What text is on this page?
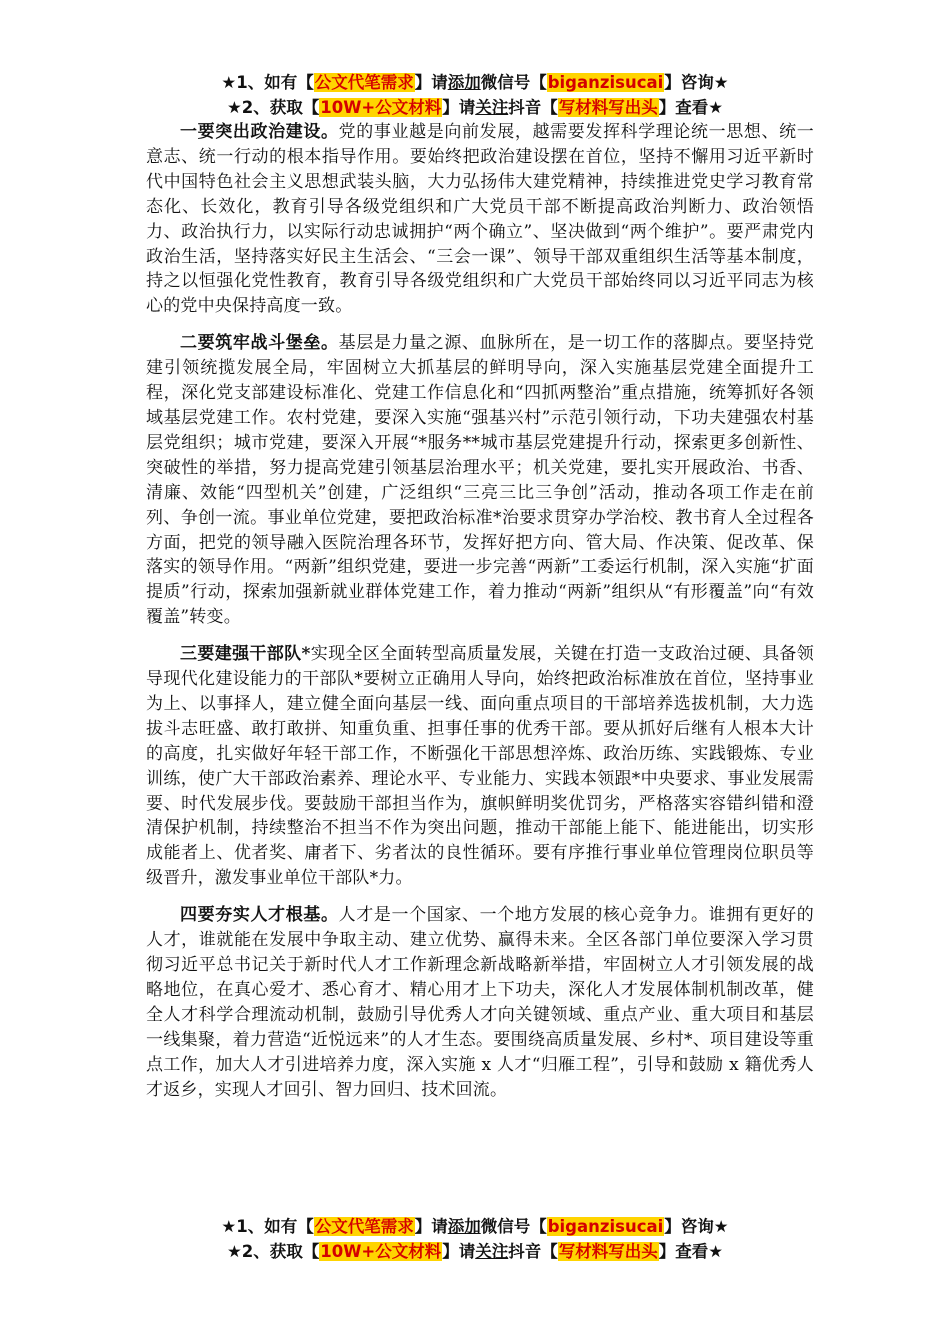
★1、如有【公文代笔需求】请添加微信号【biganzisucai】咨询★
★2、获取【10W+公文材料】请关注抖音【写材料写出头】查看★

一要突出政治建设。党的事业越是向前发展，越需要发挥科学理论统一思想、统一意志、统一行动的根本指导作用。要始终把政治建设摆在首位，坚持不懈用习近平新时代中国特色社会主义思想武装头脑，大力弘扬伟大建党精神，持续推进党史学习教育常态化、长效化，教育引导各级党组织和广大党员干部不断提高政治判断力、政治领悟力、政治执行力，以实际行动忠诚拥护“两个确立”、坚决做到“两个维护”。要严肃党内政治生活，坚持落实好民主生活会、“三会一课”、领导干部双重组织生活等基本制度，持之以恒强化党性教育，教育引导各级党组织和广大党员干部始终同以习近平同志为核心的党中央保持高度一致。

二要筑牢战斗堡垒。基层是力量之源、血脉所在，是一切工作的落脚点。要坚持党建引领统揽发展全局，牢固树立大抓基层的鲜明导向，深入实施基层党建全面提升工程，深化党支部建设标准化、党建工作信息化和“四抓两整治”重点措施，统筹抓好各领域基层党建工作。农村党建，要深入实施“强基兴村”示范引领行动，下功夫建强农村基层党组织；城市党建，要深入开展“*服务**城市基层党建提升行动，探索更多创新性、突破性的举措，努力提高党建引领基层治理水平；机关党建，要扎实开展政治、书香、清廉、效能“四型机关”创建，广泛组织“三亮三比三争创”活动，推动各项工作走在前列、争创一流。事业单位党建，要把政治标准*治要求贯穿办学治校、教书育人全过程各方面，把党的领导融入医院治理各环节，发挥好把方向、管大局、作决策、促改革、保落实的领导作用。“两新”组织党建，要进一步完善“两新”工委运行机制，深入实施“扩面提质”行动，探索加强新就业群体党建工作，着力推动“两新”组织从“有形覆盖”向“有效覆盖”转变。

三要建强干部队*实现全区全面转型高质量发展，关键在打造一支政治过硬、具备领导现代化建设能力的干部队*要树立正确用人导向，始终把政治标准放在首位，坚持事业为上、以事择人，建立健全面向基层一线、面向重点项目的干部培养选拔机制，大力选拔斗志旺盛、敢打敢拼、知重负重、担事任事的优秀干部。要从抓好后继有人根本大计的高度，扎实做好年轻干部工作，不断强化干部思想淬炼、政治历练、实践锻炼、专业训练，使广大干部政治素养、理论水平、专业能力、实践本领跟*中央要求、事业发展需要、时代发展步伐。要鼓励干部担当作为，旗帜鲜明奖优罚劣，严格落实容错纠错和澄清保护机制，持续整治不担当不作为突出问题，推动干部能上能下、能进能出，切实形成能者上、优者奖、庸者下、劣者汰的良性循环。要有序推行事业单位管理岗位职员等级晋升，激发事业单位干部队*力。

四要夯实人才根基。人才是一个国家、一个地方发展的核心竞争力。谁拥有更好的人才，谁就能在发展中争取主动、建立优势、赢得未来。全区各部门单位要深入学习贯彻习近平总书记关于新时代人才工作新理念新战略新举措，牢固树立人才引领发展的战略地位，在真心爱才、悉心育才、精心用才上下功夫，深化人才发展体制机制改革，健全人才科学合理流动机制，鼓励引导优秀人才向关键领域、重点产业、重大项目和基层一线集聚，着力营造“近悦远来”的人才生态。要围绕高质量发展、乡村*、项目建设等重点工作，加大人才引进培养力度，深入实施 x 人才“归雁工程”，引导和鼓励 x 籍优秀人才返乡，实现人才回引、智力回归、技术回流。

★1、如有【公文代笔需求】请添加微信号【biganzisucai】咨询★
★2、获取【10W+公文材料】请关注抖音【写材料写出头】查看★
